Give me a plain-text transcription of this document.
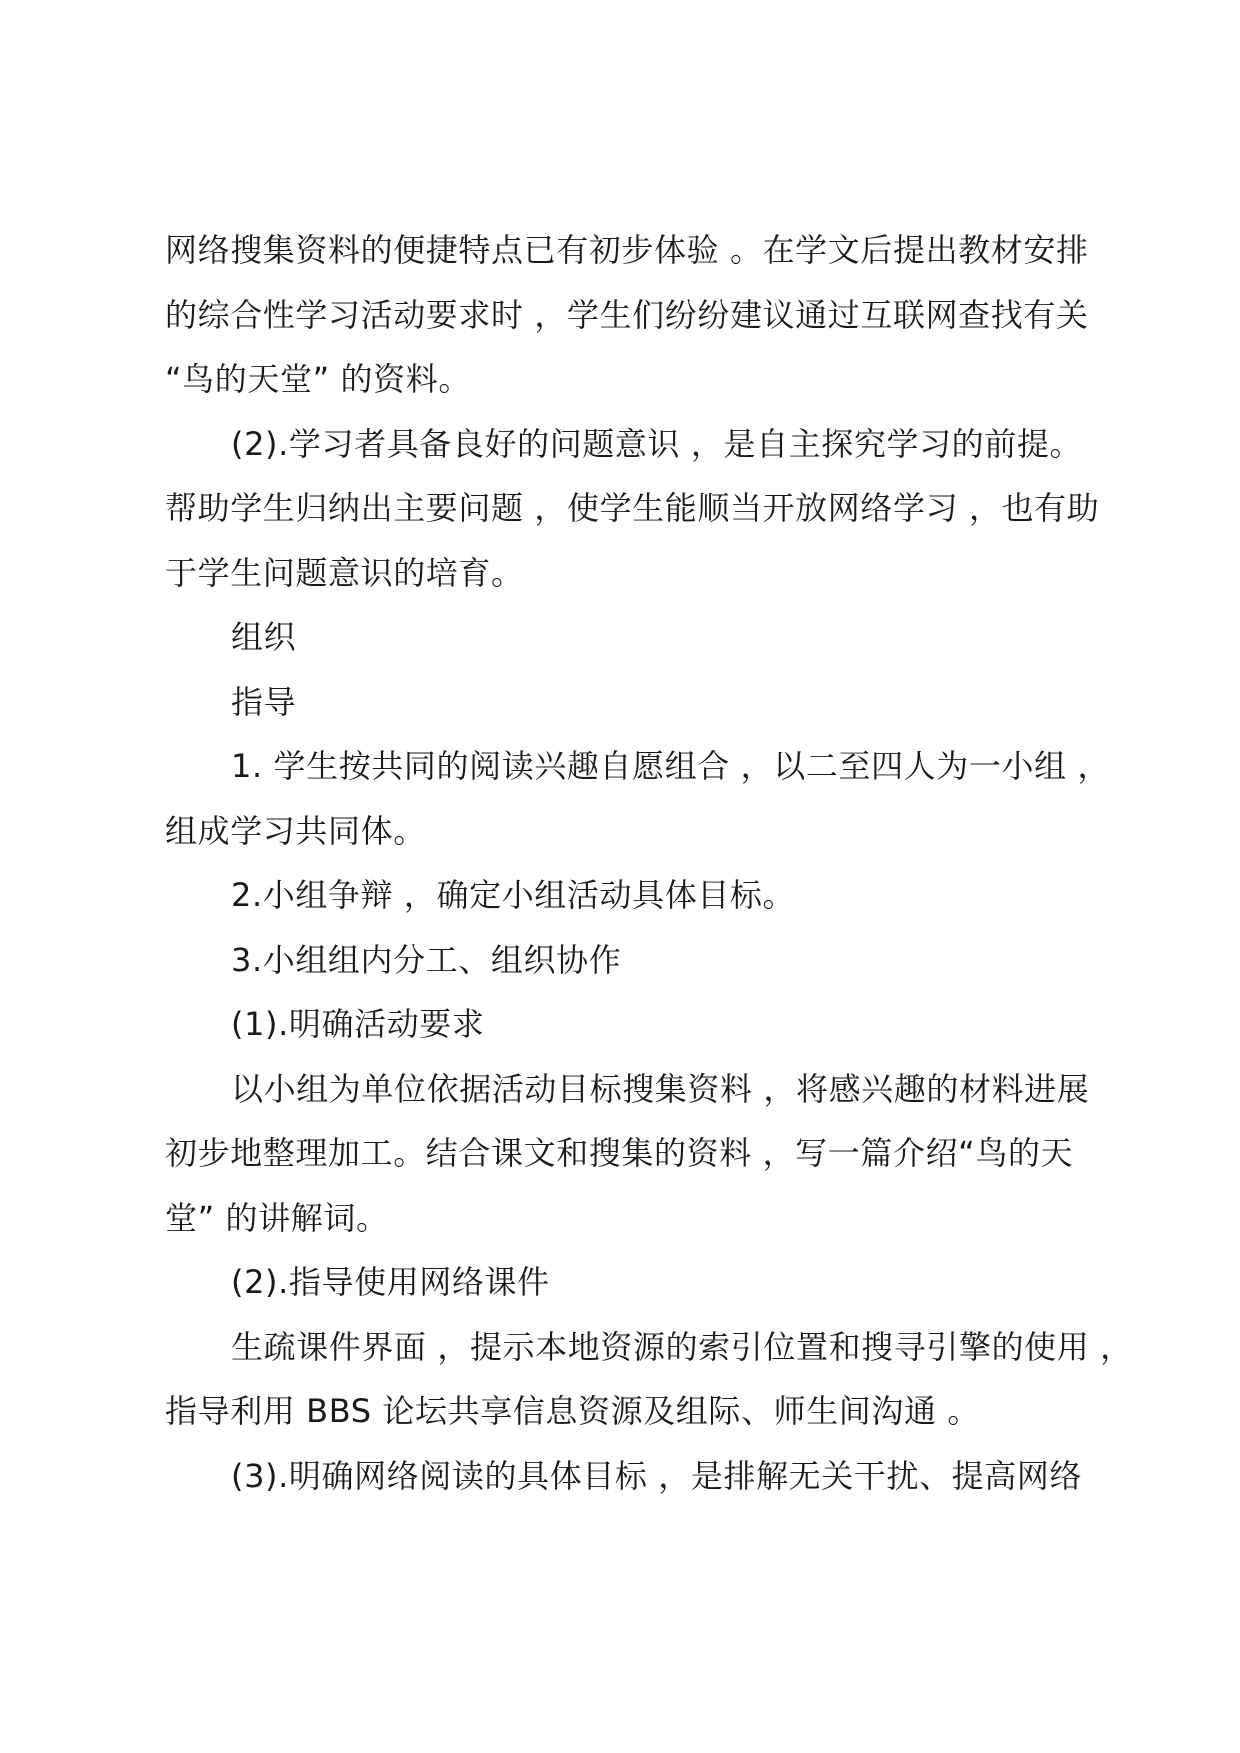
网络搜集资料的便捷特点已有初步体验 。在学文后提出教材安排
的综合性学习活动要求时 ，学生们纷纷建议通过互联网查找有关
“鸟的天堂” 的资料。
(2).学习者具备良好的问题意识 ，是自主探究学习的前提。
帮助学生归纳出主要问题 ，使学生能顺当开放网络学习 ，也有助
于学生问题意识的培育。
组织
指导
1. 学生按共同的阅读兴趣自愿组合 ，以二至四人为一小组 ，
组成学习共同体。
2.小组争辩 ，确定小组活动具体目标。
3.小组组内分工、组织协作
(1).明确活动要求
以小组为单位依据活动目标搜集资料 ，将感兴趣的材料进展
初步地整理加工。结合课文和搜集的资料 ，写一篇介绍“鸟的天
堂” 的讲解词。
(2).指导使用网络课件
生疏课件界面 ，提示本地资源的索引位置和搜寻引擎的使用 ，
指导利用 BBS 论坛共享信息资源及组际、师生间沟通 。
(3).明确网络阅读的具体目标 ，是排解无关干扰、提高网络
